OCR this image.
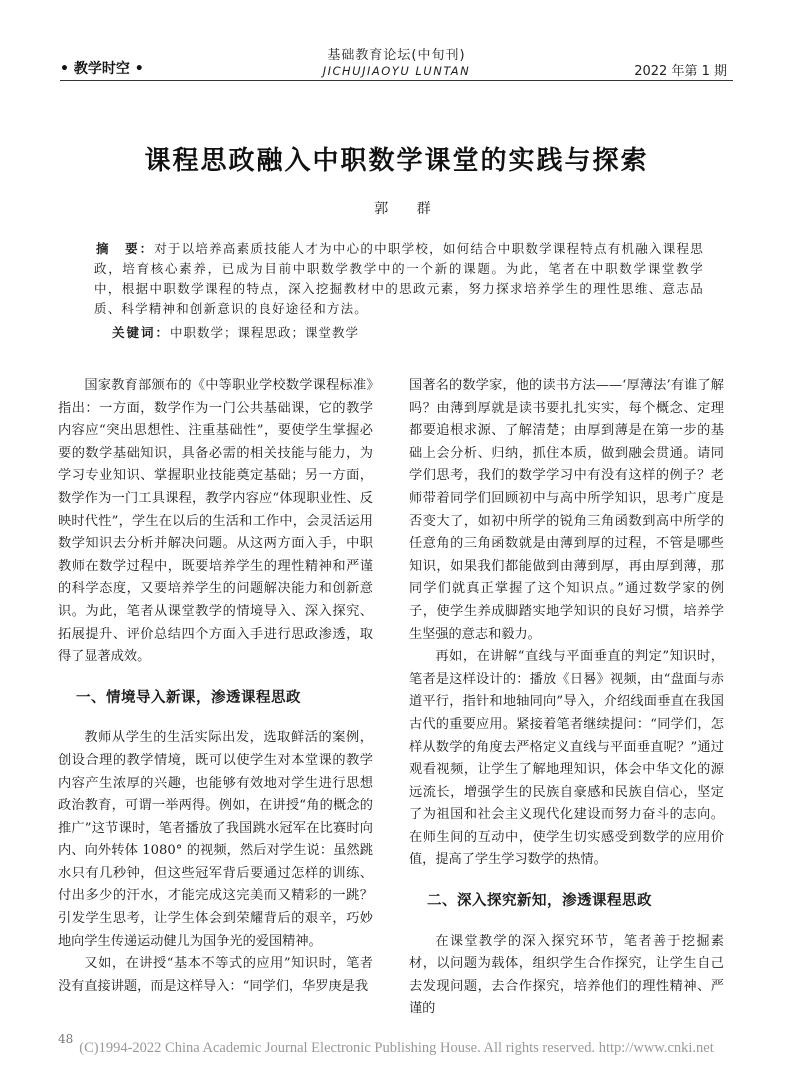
• 教学时空 •
基础教育论坛(中旬刊)
JICHUJIAOYU LUNTAN	2022 年第 1 期
课程思政融入中职数学课堂的实践与探索
郭 群
摘　要：对于以培养高素质技能人才为中心的中职学校，如何结合中职数学课程特点有机融入课程思政，培育核心素养，已成为目前中职数学教学中的一个新的课题。为此，笔者在中职数学课堂教学中，根据中职数学课程的特点，深入挖掘教材中的思政元素，努力探求培养学生的理性思维、意志品质、科学精神和创新意识的良好途径和方法。
关键词：中职数学；课程思政；课堂教学

国家教育部颁布的《中等职业学校数学课程标准》指出：一方面，数学作为一门公共基础课，它的教学内容应“突出思想性、注重基础性”，要使学生掌握必要的数学基础知识，具备必需的相关技能与能力，为学习专业知识、掌握职业技能奠定基础；另一方面，数学作为一门工具课程，教学内容应“体现职业性、反映时代性”，学生在以后的生活和工作中，会灵活运用数学知识去分析并解决问题。从这两方面入手，中职教师在数学过程中，既要培养学生的理性精神和严谨的科学态度，又要培养学生的问题解决能力和创新意识。为此，笔者从课堂教学的情境导入、深入探究、拓展提升、评价总结四个方面入手进行思政渗透，取得了显著成效。

一、情境导入新课，渗透课程思政

教师从学生的生活实际出发，选取鲜活的案例，创设合理的教学情境，既可以使学生对本堂课的教学内容产生浓厚的兴趣，也能够有效地对学生进行思想政治教育，可谓一举两得。例如，在讲授“角的概念的推广”这节课时，笔者播放了我国跳水冠军在比赛时向内、向外转体 1080° 的视频，然后对学生说：虽然跳水只有几秒钟，但这些冠军背后要通过怎样的训练、付出多少的汗水，才能完成这完美而又精彩的一跳？引发学生思考，让学生体会到荣耀背后的艰辛，巧妙地向学生传递运动健儿为国争光的爱国精神。

又如，在讲授“基本不等式的应用”知识时，笔者没有直接讲题，而是这样导入：“同学们，华罗庚是我

国著名的数学家，他的读书方法——‘厚薄法’有谁了解吗？由薄到厚就是读书要扎扎实实，每个概念、定理都要追根求源、了解清楚；由厚到薄是在第一步的基础上会分析、归纳，抓住本质，做到融会贯通。请同学们思考，我们的数学学习中有没有这样的例子？老师带着同学们回顾初中与高中所学知识，思考广度是否变大了，如初中所学的锐角三角函数到高中所学的任意角的三角函数就是由薄到厚的过程，不管是哪些知识，如果我们都能做到由薄到厚，再由厚到薄，那同学们就真正掌握了这个知识点。”通过数学家的例子，使学生养成脚踏实地学知识的良好习惯，培养学生坚强的意志和毅力。

再如，在讲解“直线与平面垂直的判定”知识时，笔者是这样设计的：播放《日晷》视频，由“盘面与赤道平行，指针和地轴同向”导入，介绍线面垂直在我国古代的重要应用。紧接着笔者继续提问：“同学们，怎样从数学的角度去严格定义直线与平面垂直呢？”通过观看视频，让学生了解地理知识，体会中华文化的源远流长，增强学生的民族自豪感和民族自信心，坚定了为祖国和社会主义现代化建设而努力奋斗的志向。在师生间的互动中，使学生切实感受到数学的应用价值，提高了学生学习数学的热情。

二、深入探究新知，渗透课程思政

在课堂教学的深入探究环节，笔者善于挖掘素材，以问题为载体，组织学生合作探究，让学生自己去发现问题，去合作探究，培养他们的理性精神、严谨的

48
(C)1994-2022 China Academic Journal Electronic Publishing House. All rights reserved. http://www.cnki.net
